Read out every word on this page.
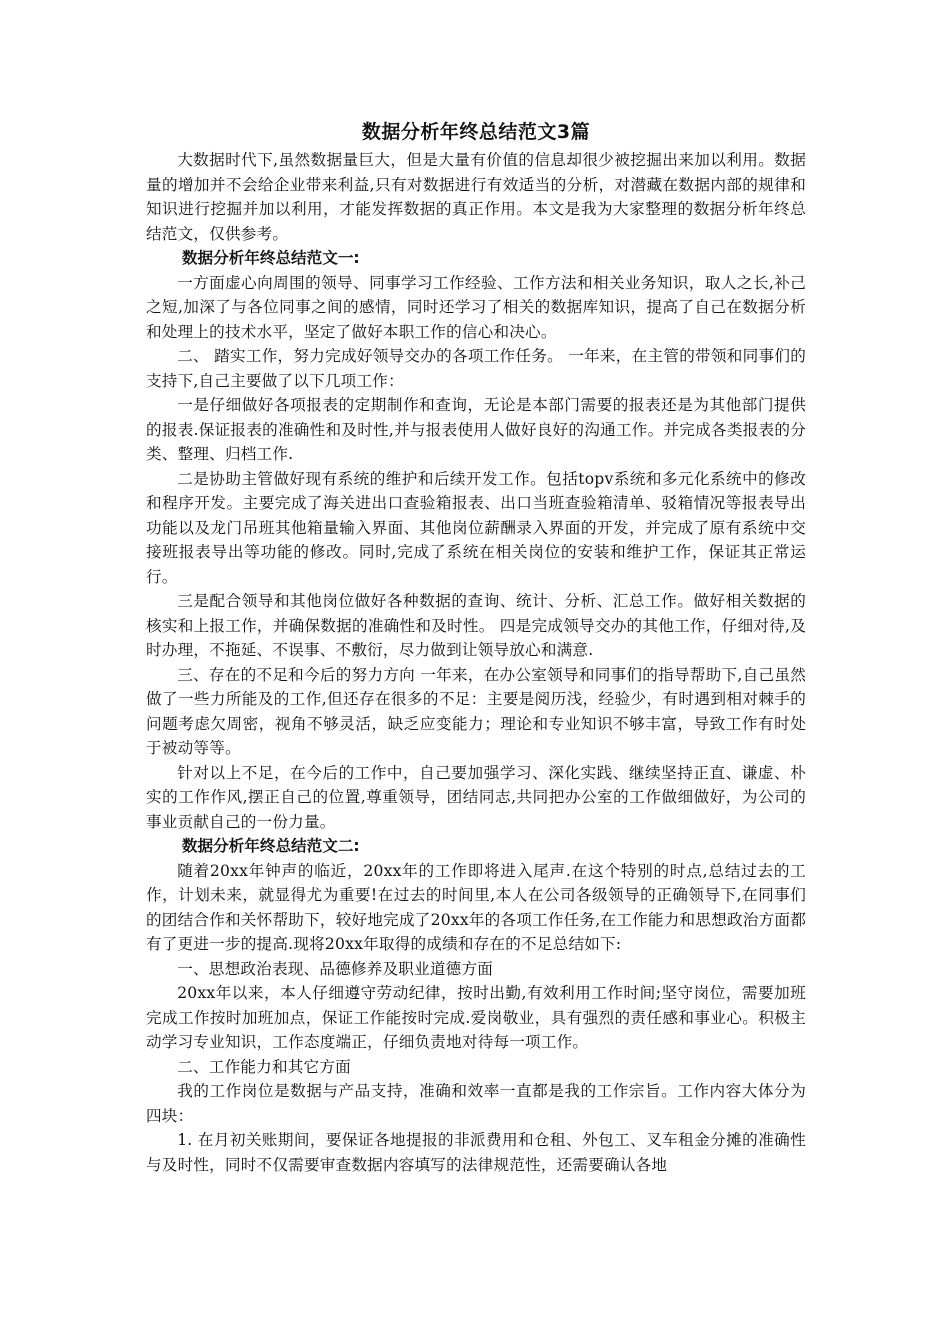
数据分析年终总结范文3篇

大数据时代下,虽然数据量巨大，但是大量有价值的信息却很少被挖掘出来加以利用。数据量的增加并不会给企业带来利益,只有对数据进行有效适当的分析，对潜藏在数据内部的规律和知识进行挖掘并加以利用，才能发挥数据的真正作用。本文是我为大家整理的数据分析年终总结范文，仅供参考。

数据分析年终总结范文一:

一方面虚心向周围的领导、同事学习工作经验、工作方法和相关业务知识，取人之长,补己之短,加深了与各位同事之间的感情，同时还学习了相关的数据库知识，提高了自己在数据分析和处理上的技术水平，坚定了做好本职工作的信心和决心。

二、 踏实工作，努力完成好领导交办的各项工作任务。 一年来，在主管的带领和同事们的支持下,自己主要做了以下几项工作：

一是仔细做好各项报表的定期制作和查询，无论是本部门需要的报表还是为其他部门提供的报表.保证报表的准确性和及时性,并与报表使用人做好良好的沟通工作。并完成各类报表的分类、整理、归档工作.

二是协助主管做好现有系统的维护和后续开发工作。包括topv系统和多元化系统中的修改和程序开发。主要完成了海关进出口查验箱报表、出口当班查验箱清单、驳箱情况等报表导出功能以及龙门吊班其他箱量输入界面、其他岗位薪酬录入界面的开发，并完成了原有系统中交接班报表导出等功能的修改。同时,完成了系统在相关岗位的安装和维护工作，保证其正常运行。

三是配合领导和其他岗位做好各种数据的查询、统计、分析、汇总工作。做好相关数据的核实和上报工作，并确保数据的准确性和及时性。 四是完成领导交办的其他工作，仔细对待,及时办理，不拖延、不误事、不敷衍，尽力做到让领导放心和满意.

三、存在的不足和今后的努力方向 一年来，在办公室领导和同事们的指导帮助下,自己虽然做了一些力所能及的工作,但还存在很多的不足：主要是阅历浅，经验少，有时遇到相对棘手的问题考虑欠周密，视角不够灵活，缺乏应变能力；理论和专业知识不够丰富，导致工作有时处于被动等等。

针对以上不足，在今后的工作中，自己要加强学习、深化实践、继续坚持正直、谦虚、朴实的工作作风,摆正自己的位置,尊重领导，团结同志,共同把办公室的工作做细做好，为公司的事业贡献自己的一份力量。

数据分析年终总结范文二:

随着20xx年钟声的临近，20xx年的工作即将进入尾声.在这个特别的时点,总结过去的工作，计划未来，就显得尤为重要!在过去的时间里,本人在公司各级领导的正确领导下,在同事们的团结合作和关怀帮助下，较好地完成了20xx年的各项工作任务,在工作能力和思想政治方面都有了更进一步的提高.现将20xx年取得的成绩和存在的不足总结如下:

一、思想政治表现、品德修养及职业道德方面

20xx年以来，本人仔细遵守劳动纪律，按时出勤,有效利用工作时间;坚守岗位，需要加班完成工作按时加班加点，保证工作能按时完成.爱岗敬业，具有强烈的责任感和事业心。积极主动学习专业知识，工作态度端正，仔细负责地对待每一项工作。

二、工作能力和其它方面

我的工作岗位是数据与产品支持，准确和效率一直都是我的工作宗旨。工作内容大体分为四块：

1. 在月初关账期间，要保证各地提报的非派费用和仓租、外包工、叉车租金分摊的准确性与及时性，同时不仅需要审查数据内容填写的法律规范性，还需要确认各地
